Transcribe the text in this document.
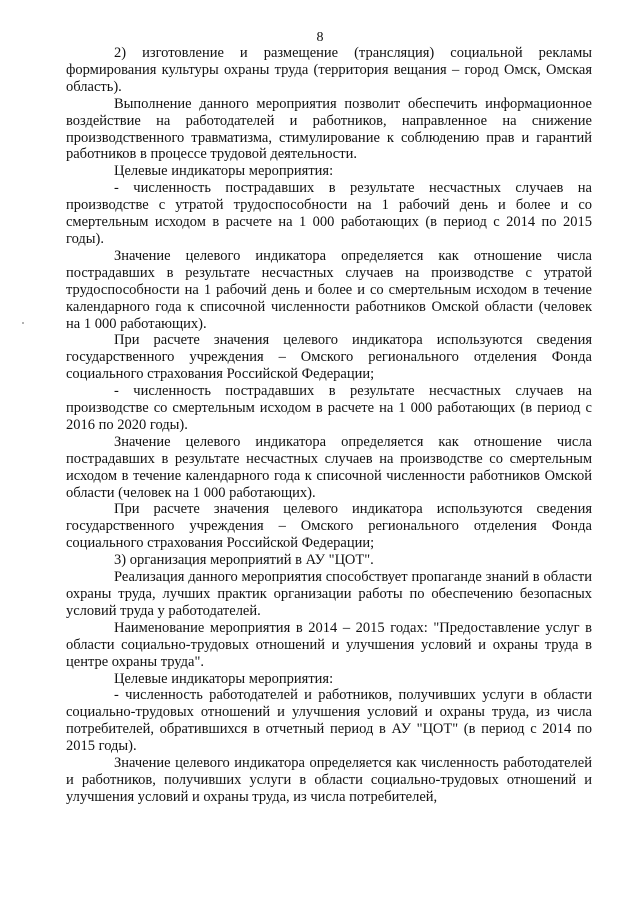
8

2) изготовление и размещение (трансляция) социальной рекламы формирования культуры охраны труда (территория вещания – город Омск, Омская область).

Выполнение данного мероприятия позволит обеспечить информационное воздействие на работодателей и работников, направленное на снижение производственного травматизма, стимулирование к соблюдению прав и гарантий работников в процессе трудовой деятельности.

Целевые индикаторы мероприятия:

- численность пострадавших в результате несчастных случаев на производстве с утратой трудоспособности на 1 рабочий день и более и со смертельным исходом в расчете на 1 000 работающих (в период с 2014 по 2015 годы).

Значение целевого индикатора определяется как отношение числа пострадавших в результате несчастных случаев на производстве с утратой трудоспособности на 1 рабочий день и более и со смертельным исходом в течение календарного года к списочной численности работников Омской области (человек на 1 000 работающих).

При расчете значения целевого индикатора используются сведения государственного учреждения – Омского регионального отделения Фонда социального страхования Российской Федерации;

- численность пострадавших в результате несчастных случаев на производстве со смертельным исходом в расчете на 1 000 работающих (в период с 2016 по 2020 годы).

Значение целевого индикатора определяется как отношение числа пострадавших в результате несчастных случаев на производстве со смертельным исходом в течение календарного года к списочной численности работников Омской области (человек на 1 000 работающих).

При расчете значения целевого индикатора используются сведения государственного учреждения – Омского регионального отделения Фонда социального страхования Российской Федерации;

3) организация мероприятий в АУ "ЦОТ".

Реализация данного мероприятия способствует пропаганде знаний в области охраны труда, лучших практик организации работы по обеспечению безопасных условий труда у работодателей.

Наименование мероприятия в 2014 – 2015 годах: "Предоставление услуг в области социально-трудовых отношений и улучшения условий и охраны труда в центре охраны труда".

Целевые индикаторы мероприятия:

- численность работодателей и работников, получивших услуги в области социально-трудовых отношений и улучшения условий и охраны труда, из числа потребителей, обратившихся в отчетный период в АУ "ЦОТ" (в период с 2014 по 2015 годы).

Значение целевого индикатора определяется как численность работодателей и работников, получивших услуги в области социально-трудовых отношений и улучшения условий и охраны труда, из числа потребителей,
